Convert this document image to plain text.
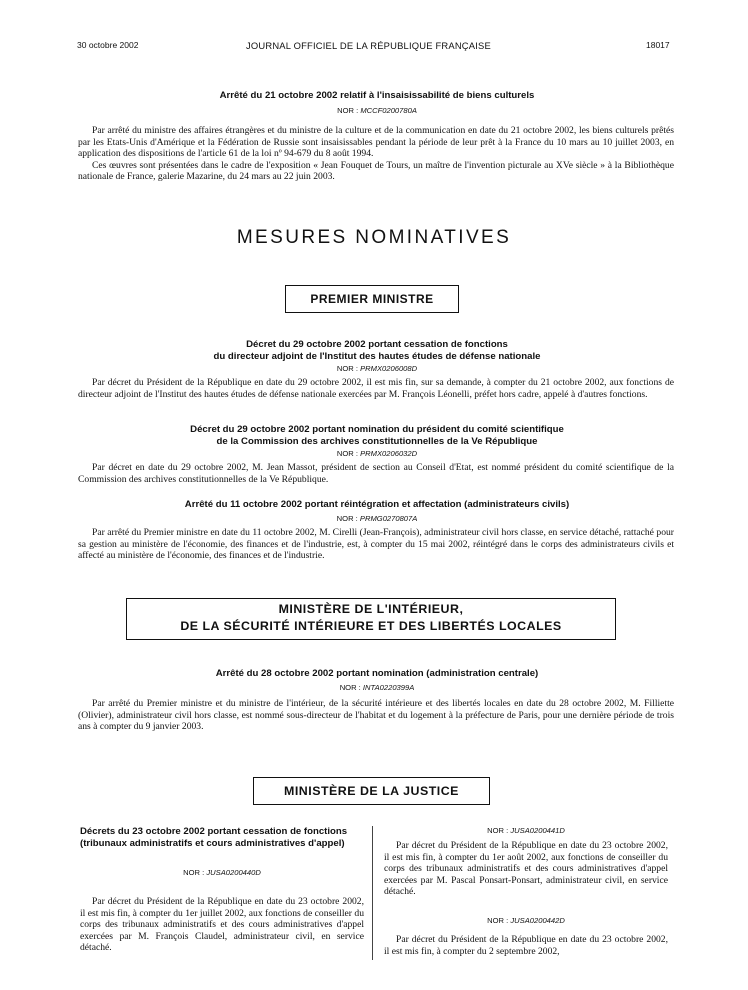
30 octobre 2002	JOURNAL OFFICIEL DE LA RÉPUBLIQUE FRANÇAISE	18017
Arrêté du 21 octobre 2002 relatif à l'insaisissabilité de biens culturels
NOR : MCCF0200780A

Par arrêté du ministre des affaires étrangères et du ministre de la culture et de la communication en date du 21 octobre 2002, les biens culturels prêtés par les Etats-Unis d'Amérique et la Fédération de Russie sont insaisissables pendant la période de leur prêt à la France du 10 mars au 10 juillet 2003, en application des dispositions de l'article 61 de la loi nº 94-679 du 8 août 1994.

Ces œuvres sont présentées dans le cadre de l'exposition « Jean Fouquet de Tours, un maître de l'invention picturale au XVe siècle » à la Bibliothèque nationale de France, galerie Mazarine, du 24 mars au 22 juin 2003.

MESURES NOMINATIVES
PREMIER MINISTRE
Décret du 29 octobre 2002 portant cessation de fonctions
du directeur adjoint de l'Institut des hautes études de défense nationale
NOR : PRMX0206008D

Par décret du Président de la République en date du 29 octobre 2002, il est mis fin, sur sa demande, à compter du 21 octobre 2002, aux fonctions de directeur adjoint de l'Institut des hautes études de défense nationale exercées par M. François Léonelli, préfet hors cadre, appelé à d'autres fonctions.

Décret du 29 octobre 2002 portant nomination du président du comité scientifique
de la Commission des archives constitutionnelles de la Ve République
NOR : PRMX0206032D

Par décret en date du 29 octobre 2002, M. Jean Massot, président de section au Conseil d'Etat, est nommé président du comité scientifique de la Commission des archives constitutionnelles de la Ve République.

Arrêté du 11 octobre 2002 portant réintégration et affectation (administrateurs civils)
NOR : PRMG0270807A

Par arrêté du Premier ministre en date du 11 octobre 2002, M. Cirelli (Jean-François), administrateur civil hors classe, en service détaché, rattaché pour sa gestion au ministère de l'économie, des finances et de l'industrie, est, à compter du 15 mai 2002, réintégré dans le corps des administrateurs civils et affecté au ministère de l'économie, des finances et de l'industrie.

MINISTÈRE DE L'INTÉRIEUR,
DE LA SÉCURITÉ INTÉRIEURE ET DES LIBERTÉS LOCALES
Arrêté du 28 octobre 2002 portant nomination (administration centrale)
NOR : INTA0220399A

Par arrêté du Premier ministre et du ministre de l'intérieur, de la sécurité intérieure et des libertés locales en date du 28 octobre 2002, M. Filliette (Olivier), administrateur civil hors classe, est nommé sous-directeur de l'habitat et du logement à la préfecture de Paris, pour une dernière période de trois ans à compter du 9 janvier 2003.

MINISTÈRE DE LA JUSTICE
Décrets du 23 octobre 2002 portant cessation de fonctions (tribunaux administratifs et cours administratives d'appel)
NOR : JUSA0200440D

Par décret du Président de la République en date du 23 octobre 2002, il est mis fin, à compter du 1er juillet 2002, aux fonctions de conseiller du corps des tribunaux administratifs et des cours administratives d'appel exercées par M. François Claudel, administrateur civil, en service détaché.

NOR : JUSA0200441D

Par décret du Président de la République en date du 23 octobre 2002, il est mis fin, à compter du 1er août 2002, aux fonctions de conseiller du corps des tribunaux administratifs et des cours administratives d'appel exercées par M. Pascal Ponsart-Ponsart, administrateur civil, en service détaché.

NOR : JUSA0200442D

Par décret du Président de la République en date du 23 octobre 2002, il est mis fin, à compter du 2 septembre 2002,
